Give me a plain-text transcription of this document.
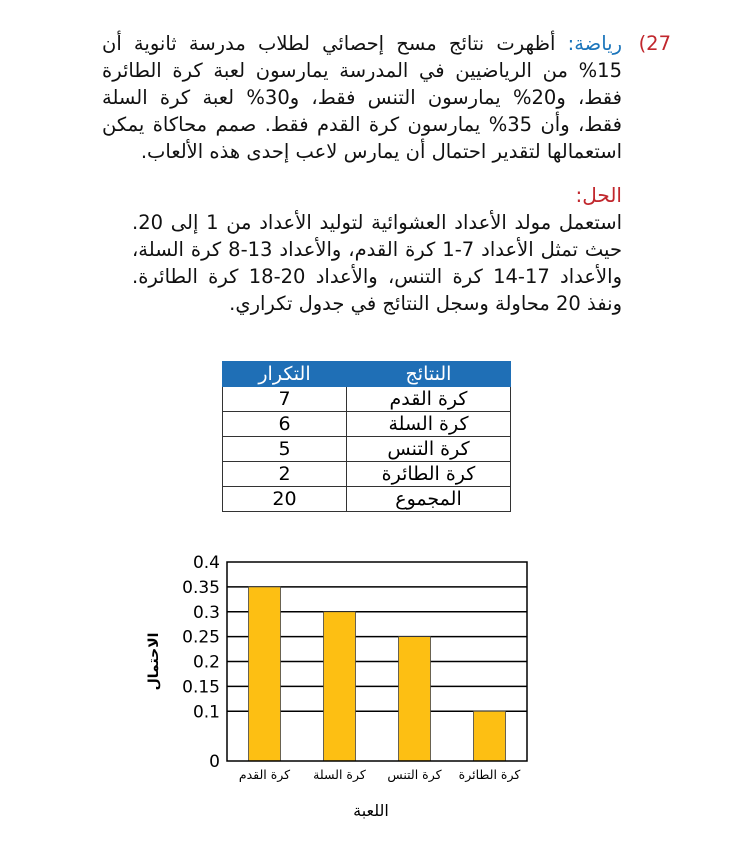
27)
رياضة: أظهرت نتائج مسح إحصائي لطلاب مدرسة ثانوية أن 15% من الرياضيين في المدرسة يمارسون لعبة كرة الطائرة فقط، و20% يمارسون التنس فقط، و30% لعبة كرة السلة فقط، وأن 35% يمارسون كرة القدم فقط. صمم محاكاة يمكن استعمالها لتقدير احتمال أن يمارس لاعب إحدى هذه الألعاب.
الحل:
استعمل مولد الأعداد العشوائية لتوليد الأعداد من 1 إلى 20. حيث تمثل الأعداد 7-1 كرة القدم، والأعداد 13-8 كرة السلة، والأعداد 17-14 كرة التنس، والأعداد 20-18 كرة الطائرة. ونفذ 20 محاولة وسجل النتائج في جدول تكراري.
النتائج	التكرار
كرة القدم	7
كرة السلة	6
كرة التنس	5
كرة الطائرة	2
المجموع	20
0
0.1
0.15
0.2
0.25
0.3
0.35
0.4
كرة القدم كرة السلة كرة التنس كرة الطائرة
الاحتمال
اللعبة
